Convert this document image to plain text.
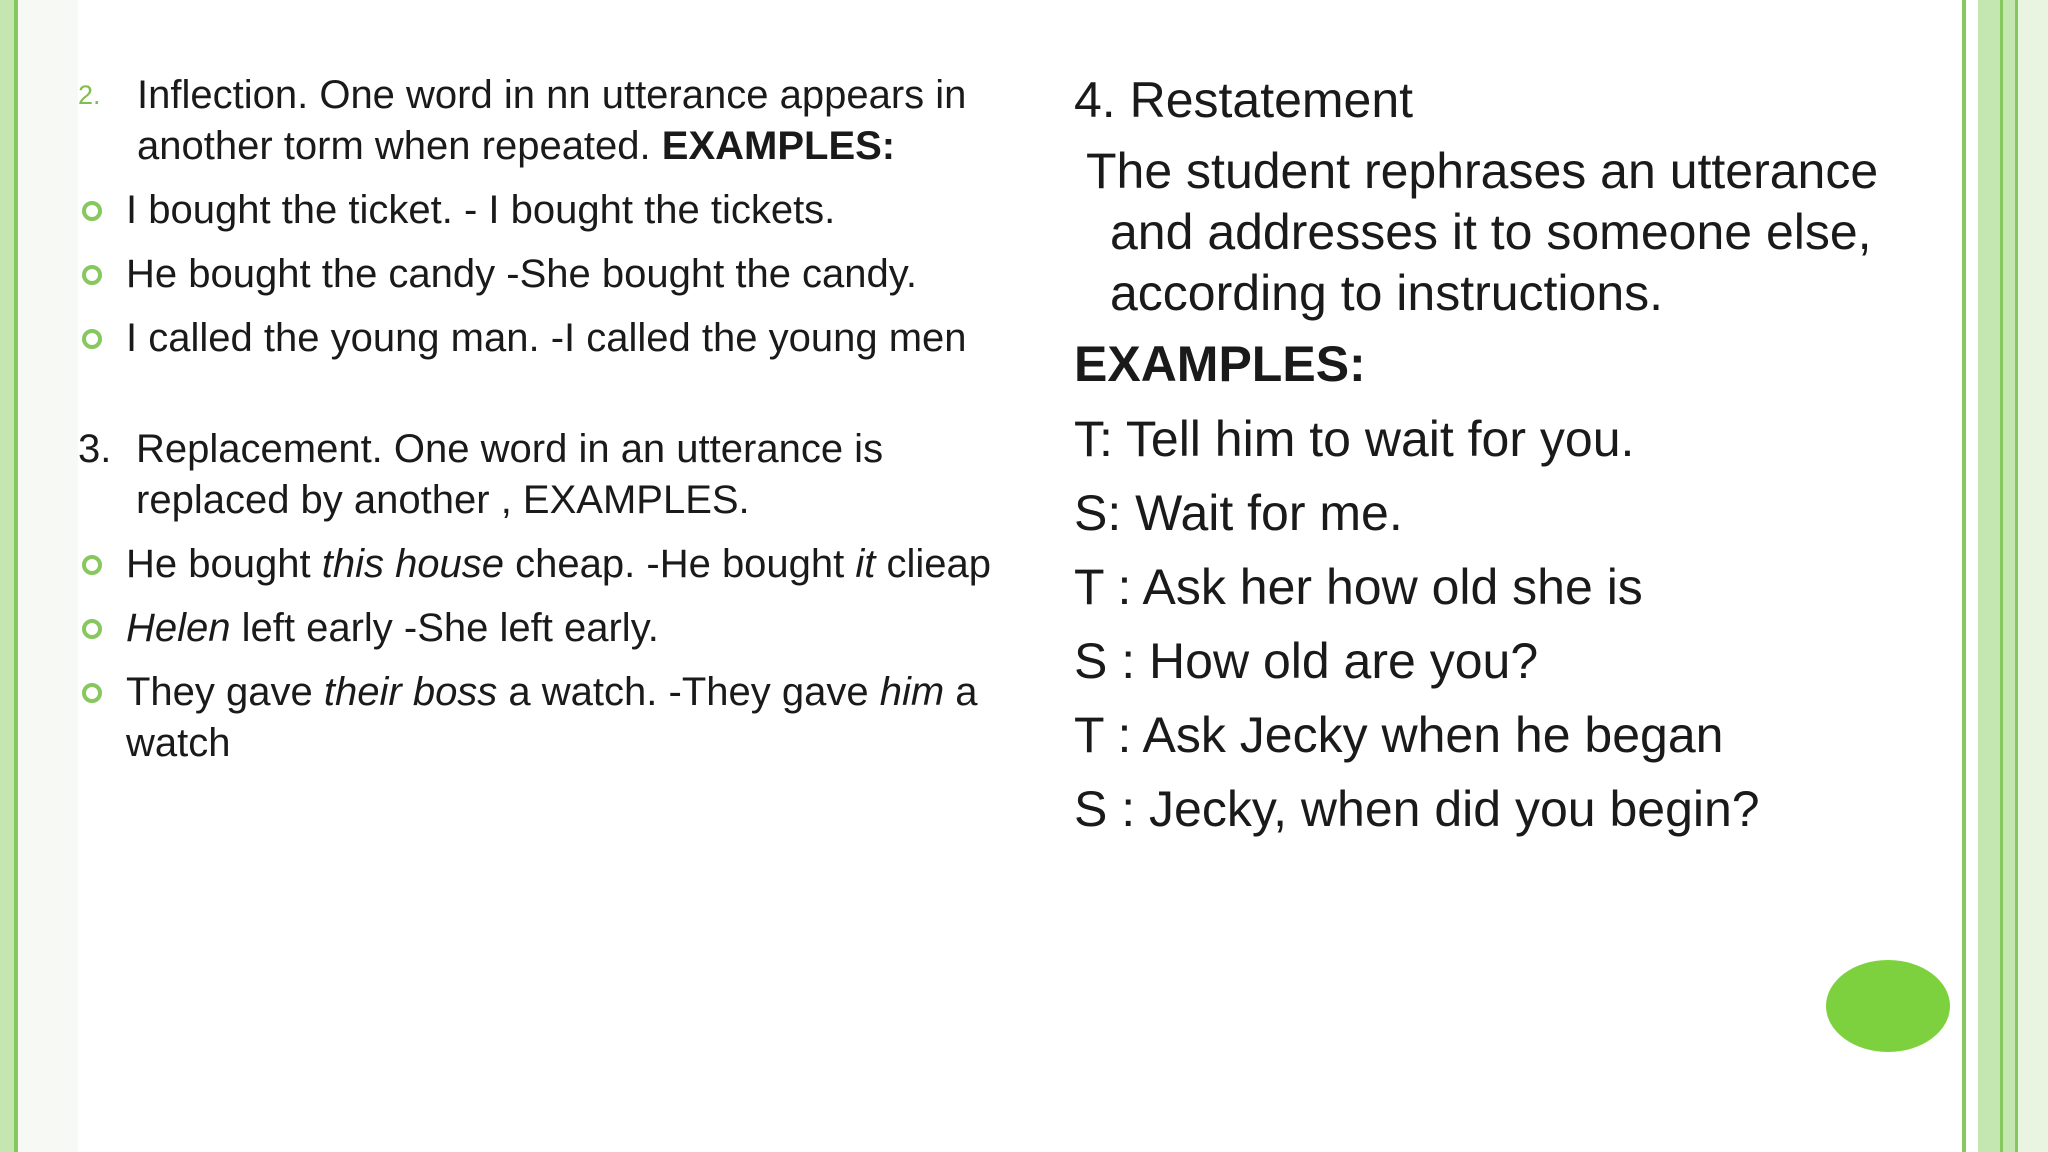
2. Inflection. One word in nn utterance appears in another torm when repeated. EXAMPLES:
I bought the ticket. - I bought the tickets.
He bought the candy -She bought the candy.
I called the young man. -I called the young men
3. Replacement. One word in an utterance is replaced by another , EXAMPLES.
He bought this house cheap. -He bought it clieap
Helen left early -She left early.
They gave their boss a watch. -They gave him a watch
4. Restatement
The student rephrases an utterance and addresses it to someone else, according to instructions.
EXAMPLES:
T: Tell him to wait for you.
S: Wait for me.
T : Ask her how old she is
S : How old are you?
T : Ask Jecky when he began
S : Jecky, when did you begin?
